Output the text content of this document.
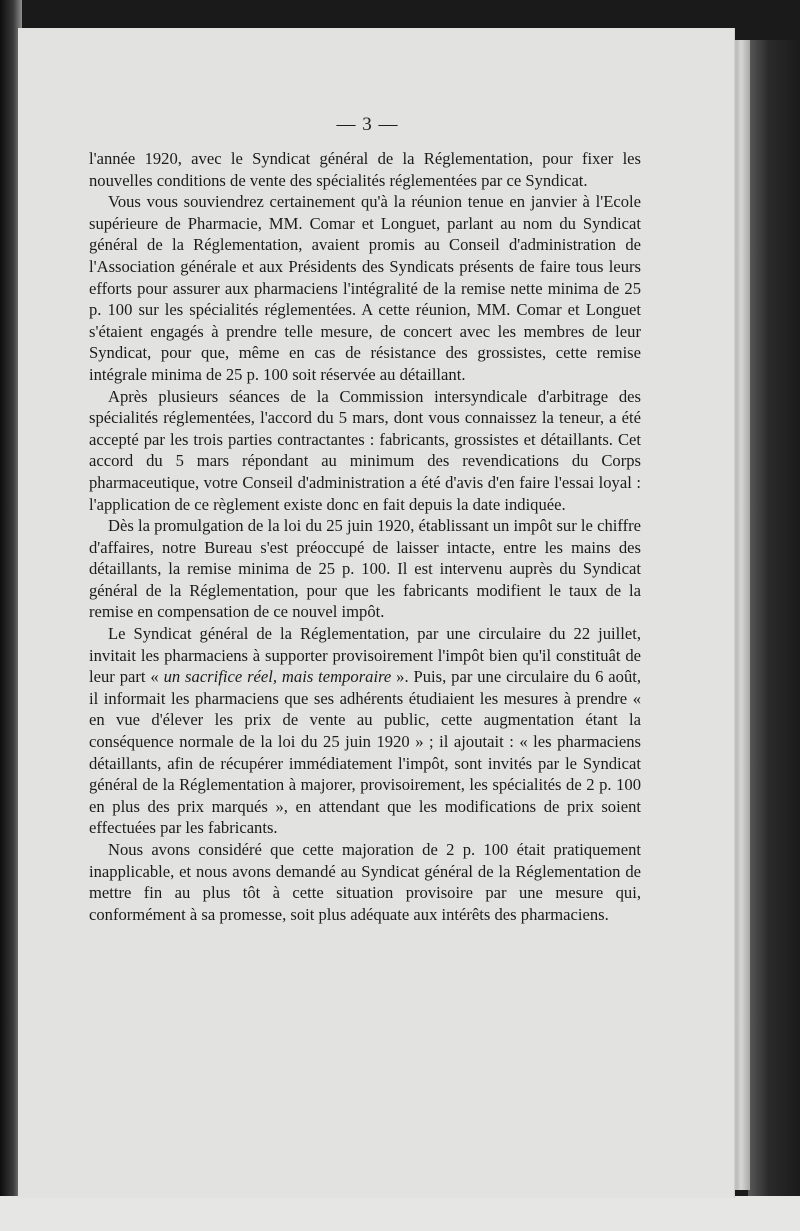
— 3 —

l'année 1920, avec le Syndicat général de la Réglementation, pour fixer les nouvelles conditions de vente des spécialités réglementées par ce Syndicat.

Vous vous souviendrez certainement qu'à la réunion tenue en janvier à l'Ecole supérieure de Pharmacie, MM. Comar et Longuet, parlant au nom du Syndicat général de la Réglementation, avaient promis au Conseil d'administration de l'Association générale et aux Présidents des Syndicats présents de faire tous leurs efforts pour assurer aux pharmaciens l'intégralité de la remise nette minima de 25 p. 100 sur les spécialités réglementées. A cette réunion, MM. Comar et Longuet s'étaient engagés à prendre telle mesure, de concert avec les membres de leur Syndicat, pour que, même en cas de résistance des grossistes, cette remise intégrale minima de 25 p. 100 soit réservée au détaillant.

Après plusieurs séances de la Commission intersyndicale d'arbitrage des spécialités réglementées, l'accord du 5 mars, dont vous connaissez la teneur, a été accepté par les trois parties contractantes : fabricants, grossistes et détaillants. Cet accord du 5 mars répondant au minimum des revendications du Corps pharmaceutique, votre Conseil d'administration a été d'avis d'en faire l'essai loyal : l'application de ce règlement existe donc en fait depuis la date indiquée.

Dès la promulgation de la loi du 25 juin 1920, établissant un impôt sur le chiffre d'affaires, notre Bureau s'est préoccupé de laisser intacte, entre les mains des détaillants, la remise minima de 25 p. 100. Il est intervenu auprès du Syndicat général de la Réglementation, pour que les fabricants modifient le taux de la remise en compensation de ce nouvel impôt.

Le Syndicat général de la Réglementation, par une circulaire du 22 juillet, invitait les pharmaciens à supporter provisoirement l'impôt bien qu'il constituât de leur part « un sacrifice réel, mais temporaire ». Puis, par une circulaire du 6 août, il informait les pharmaciens que ses adhérents étudiaient les mesures à prendre « en vue d'élever les prix de vente au public, cette augmentation étant la conséquence normale de la loi du 25 juin 1920 » ; il ajoutait : « les pharmaciens détaillants, afin de récupérer immédiatement l'impôt, sont invités par le Syndicat général de la Réglementation à majorer, provisoirement, les spécialités de 2 p. 100 en plus des prix marqués », en attendant que les modifications de prix soient effectuées par les fabricants.

Nous avons considéré que cette majoration de 2 p. 100 était pratiquement inapplicable, et nous avons demandé au Syndicat général de la Réglementation de mettre fin au plus tôt à cette situation provisoire par une mesure qui, conformément à sa promesse, soit plus adéquate aux intérêts des pharmaciens.
